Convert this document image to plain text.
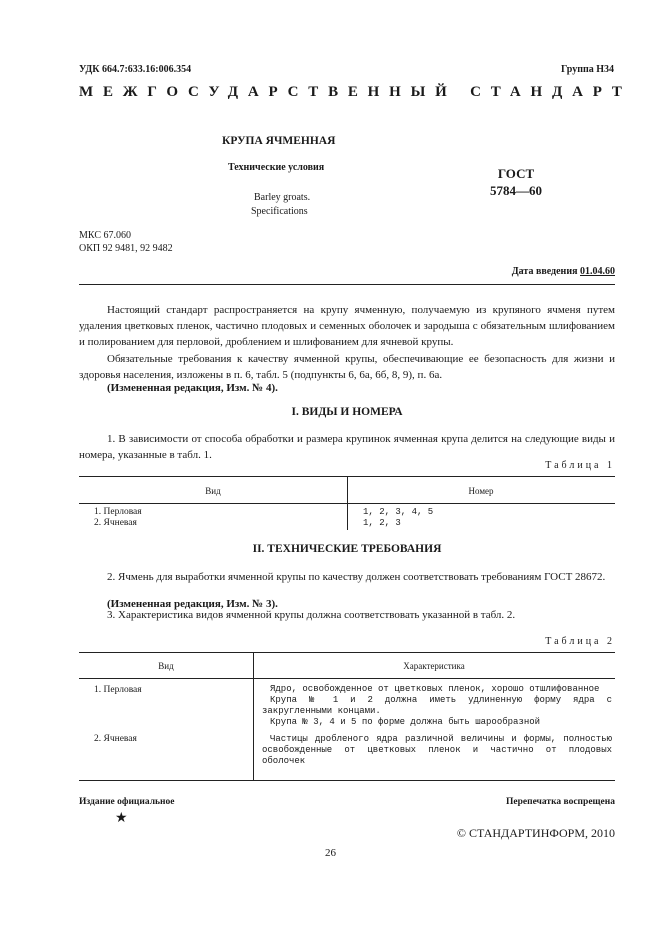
УДК 664.7:633.16:006.354	Группа Н34
МЕЖГОСУДАРСТВЕННЫЙ СТАНДАРТ
КРУПА ЯЧМЕННАЯ
Технические условия
Barley groats.
Specifications
ГОСТ
5784—60
МКС 67.060
ОКП 92 9481, 92 9482
Дата введения 01.04.60

Настоящий стандарт распространяется на крупу ячменную, получаемую из крупяного ячменя путем удаления цветковых пленок, частично плодовых и семенных оболочек и зародыша с обязательным шлифованием и полированием для перловой, дроблением и шлифованием для ячневой крупы.

Обязательные требования к качеству ячменной крупы, обеспечивающие ее безопасность для жизни и здоровья населения, изложены в п. 6, табл. 5 (подпункты 6, 6а, 6б, 8, 9), п. 6а.

(Измененная редакция, Изм. № 4).

I. ВИДЫ И НОМЕРА

1. В зависимости от способа обработки и размера крупинок ячменная крупа делится на следующие виды и номера, указанные в табл. 1.

Таблица 1
Вид	Номер
1. Перловая	1, 2, 3, 4, 5
2. Ячневая	1, 2, 3
II. ТЕХНИЧЕСКИЕ ТРЕБОВАНИЯ

2. Ячмень для выработки ячменной крупы по качеству должен соответствовать требованиям ГОСТ 28672.

(Измененная редакция, Изм. № 3).

3. Характеристика видов ячменной крупы должна соответствовать указанной в табл. 2.

Таблица 2
Вид	Характеристика
1. Перловая	Ядро, освобожденное от цветковых пленок, хорошо отшлифованное
Крупа № 1 и 2 должна иметь удлиненную форму ядра с закругленными концами.
Крупа № 3, 4 и 5 по форме должна быть шарообразной
2. Ячневая	Частицы дробленого ядра различной величины и формы, полностью освобожденные от цветковых пленок и частично от плодовых оболочек
Издание официальное	Перепечатка воспрещена
★
© СТАНДАРТИНФОРМ, 2010
26
